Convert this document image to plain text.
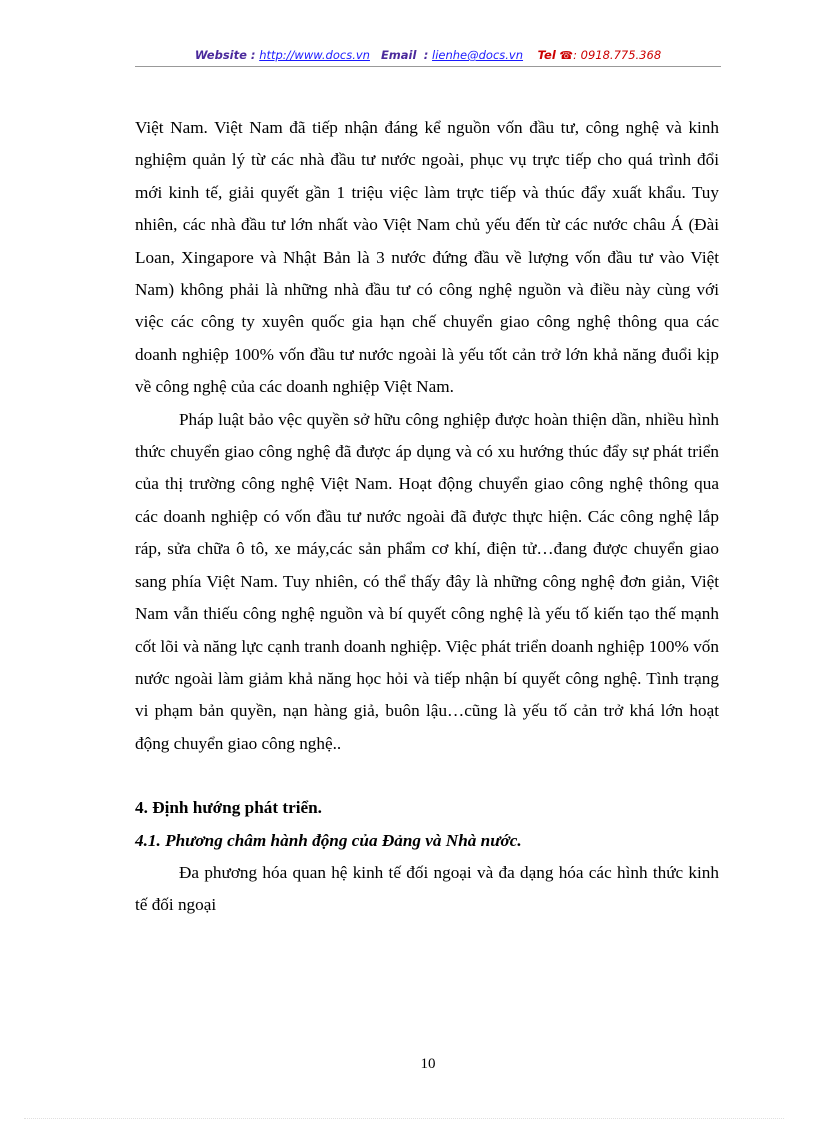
Website : http://www.docs.vn Email : lienhe@docs.vn Tel ☎: 0918.775.368

Việt Nam. Việt Nam đã tiếp nhận đáng kể nguồn vốn đầu tư, công nghệ và kinh nghiệm quản lý từ các nhà đầu tư nước ngoài, phục vụ trực tiếp cho quá trình đổi mới kinh tế, giải quyết gần 1 triệu việc làm trực tiếp và thúc đẩy xuất khẩu. Tuy nhiên, các nhà đầu tư lớn nhất vào Việt Nam chủ yếu đến từ các nước châu Á (Đài Loan, Xingapore và Nhật Bản là 3 nước đứng đầu về lượng vốn đầu tư vào Việt Nam) không phải là những nhà đầu tư có công nghệ nguồn và điều này cùng với việc các công ty xuyên quốc gia hạn chế chuyển giao công nghệ thông qua các doanh nghiệp 100% vốn đầu tư nước ngoài là yếu tốt cản trở lớn khả năng đuổi kịp về công nghệ của các doanh nghiệp Việt Nam.

Pháp luật bảo vệc quyền sở hữu công nghiệp được hoàn thiện dần, nhiều hình thức chuyển giao công nghệ đã được áp dụng và có xu hướng thúc đẩy sự phát triển của thị trường công nghệ Việt Nam. Hoạt động chuyển giao công nghệ thông qua các doanh nghiệp có vốn đầu tư nước ngoài đã được thực hiện. Các công nghệ lắp ráp, sửa chữa ô tô, xe máy,các sản phẩm cơ khí, điện tử…đang được chuyển giao sang phía Việt Nam. Tuy nhiên, có thể thấy đây là những công nghệ đơn giản, Việt Nam vẫn thiếu công nghệ nguồn và bí quyết công nghệ là yếu tố kiến tạo thế mạnh cốt lõi và năng lực cạnh tranh doanh nghiệp. Việc phát triển doanh nghiệp 100% vốn nước ngoài làm giảm khả năng học hỏi và tiếp nhận bí quyết công nghệ. Tình trạng vi phạm bản quyền, nạn hàng giả, buôn lậu…cũng là yếu tố cản trở khá lớn hoạt động chuyển giao công nghệ..

4. Định hướng phát triển.

4.1. Phương châm hành động của Đảng và Nhà nước.

Đa phương hóa quan hệ kinh tế đối ngoại và đa dạng hóa các hình thức kinh tế đối ngoại

10
